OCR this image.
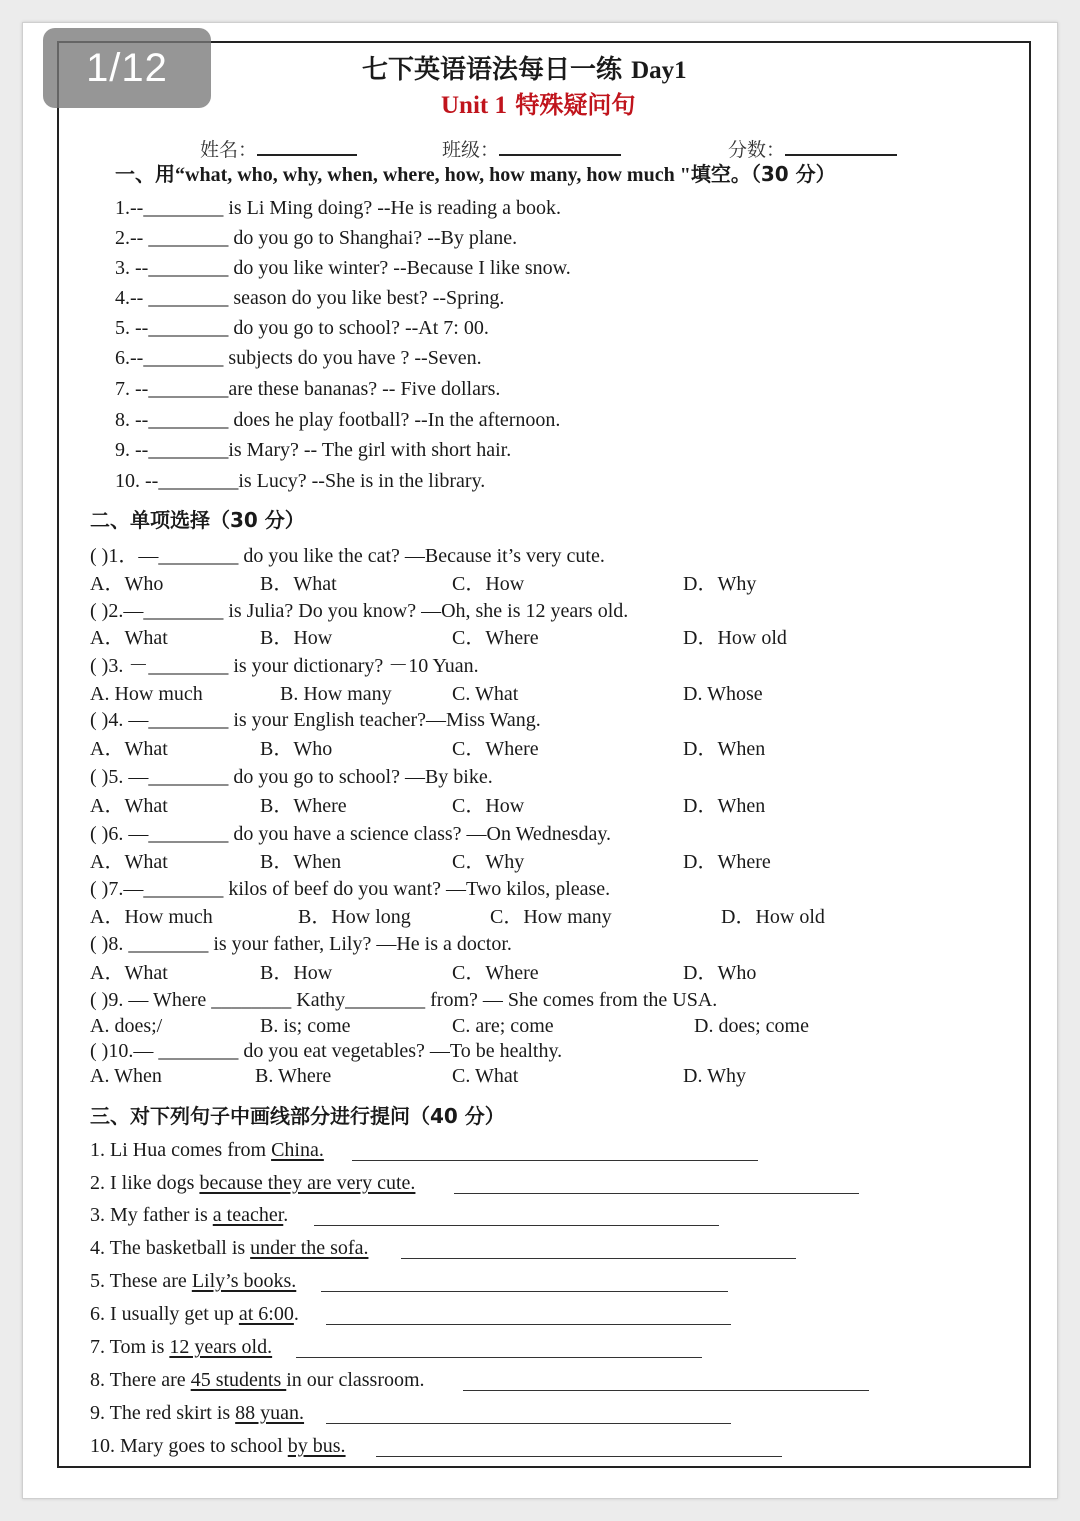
1/12	七下英语语法每日一练 Day1
Unit 1 特殊疑问句
姓名：	班级：	分数：
一、用“what, who, why, when, where, how, how many, how much "填空。（30 分）
1.--________ is Li Ming doing? --He is reading a book.
2.-- ________ do you go to Shanghai? --By plane.
3. --________ do you like winter? --Because I like snow.
4.-- ________ season do you like best? --Spring.
5. --________ do you go to school? --At 7: 00.
6.--________ subjects do you have ? --Seven.
7. --________are these bananas? -- Five dollars.
8. --________ does he play football? --In the afternoon.
9. --________is Mary? -- The girl with short hair.
10. --________is Lucy? --She is in the library.
二、单项选择（30 分）
( )1．—________ do you like the cat? —Because it’s very cute.
A．Who	B．What	C．How	D．Why
( )2.—________ is Julia? Do you know? —Oh, she is 12 years old.
A．What	B．How	C．Where	D．How old
( )3. －________ is your dictionary? －10 Yuan.
A. How much	B. How many	C. What	D. Whose
( )4. —________ is your English teacher?—Miss Wang.
A．What	B．Who	C．Where	D．When
( )5. —________ do you go to school? —By bike.
A．What	B．Where	C．How	D．When
( )6. —________ do you have a science class? —On Wednesday.
A．What	B．When	C．Why	D．Where
( )7.—________ kilos of beef do you want? —Two kilos, please.
A．How much	B．How long	C．How many	D．How old
( )8. ________ is your father, Lily? —He is a doctor.
A．What	B．How	C．Where	D．Who
( )9. — Where ________ Kathy________ from? — She comes from the USA.
A. does;/	B. is; come	C. are; come	D. does; come
( )10.— ________ do you eat vegetables? —To be healthy.
A. When	B. Where	C. What	D. Why
三、对下列句子中画线部分进行提问（40 分）
1. Li Hua comes from China.
2. I like dogs because they are very cute.
3. My father is a teacher.
4. The basketball is under the sofa.
5. These are Lily’s books.
6. I usually get up at 6:00.
7. Tom is 12 years old.
8. There are 45 students in our classroom.
9. The red skirt is 88 yuan.
10. Mary goes to school by bus.
